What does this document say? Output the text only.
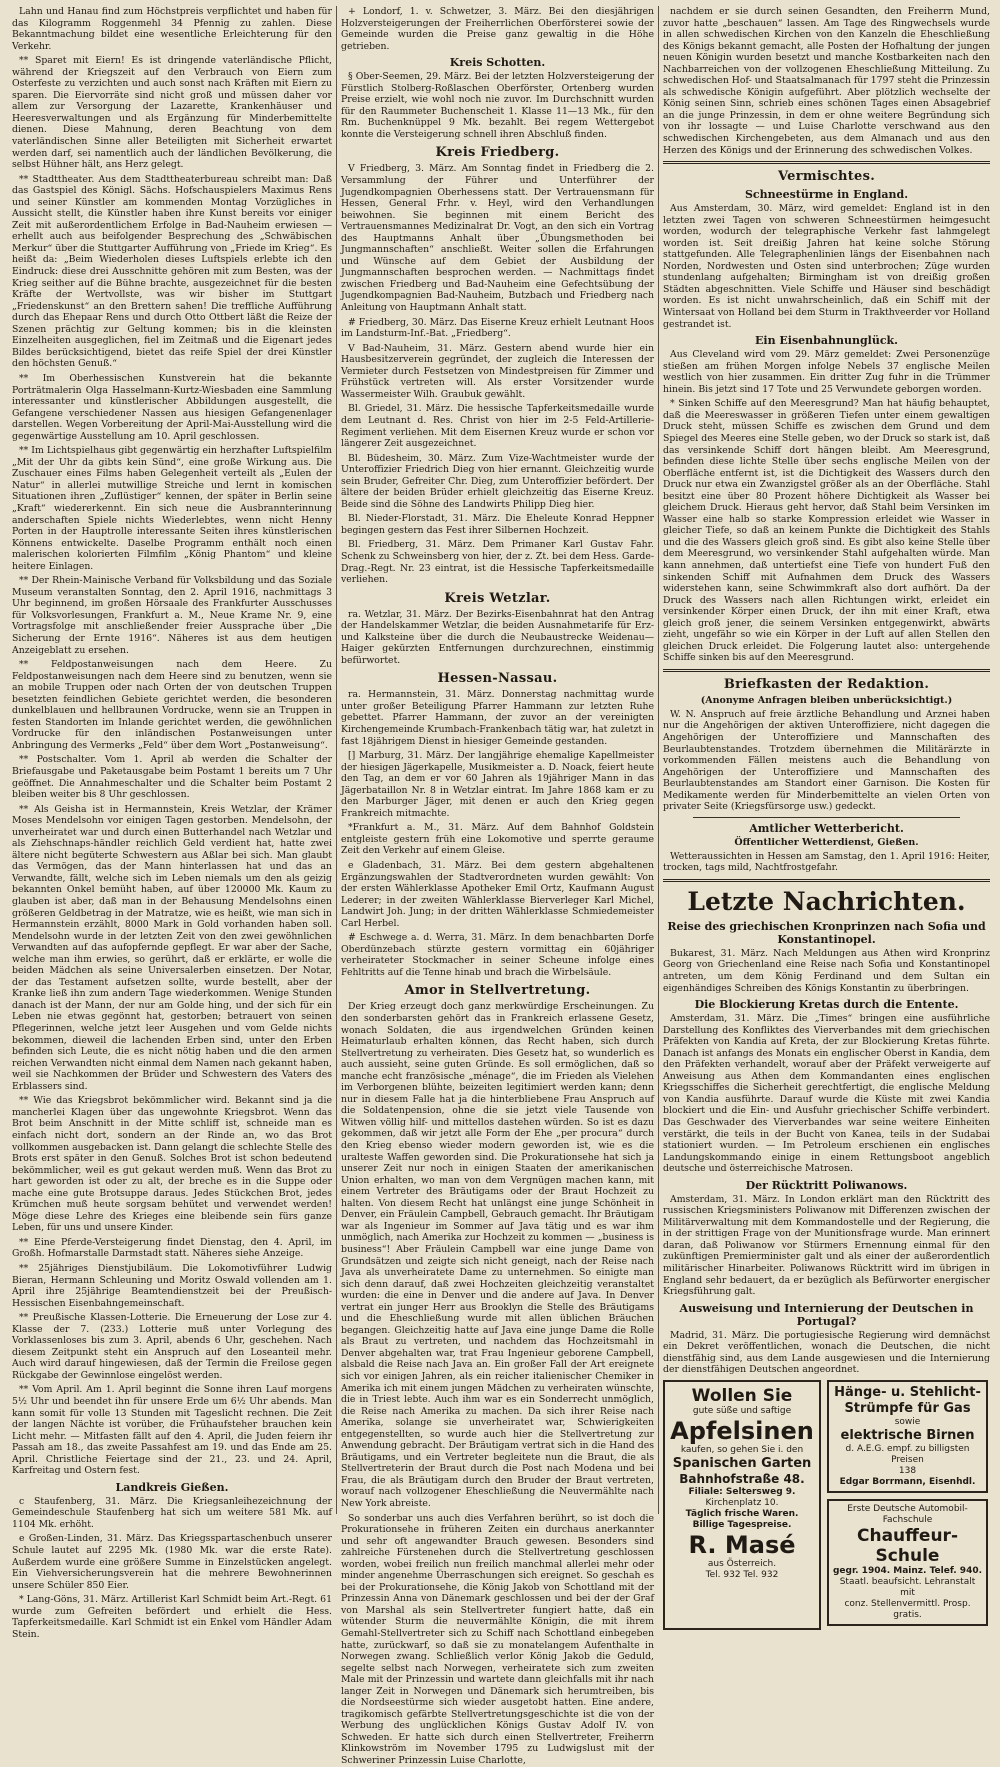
Lahn und Hanau find zum Höchstpreis verpflichtet und haben für das Kilogramm Roggenmehl 34 Pfennig zu zahlen. Diese Bekanntmachung bildet eine wesentliche Erleichterung für den Verkehr.

** Sparet mit Eiern! Es ist dringende vaterländische Pflicht, während der Kriegszeit auf den Verbrauch von Eiern zum Osterfeste zu verzichten und auch sonst nach Kräften mit Eiern zu sparen. Die Eiervorräte sind nicht groß und müssen daher vor allem zur Versorgung der Lazarette, Krankenhäuser und Heeresverwaltungen und als Ergänzung für Minderbemittelte dienen. Diese Mahnung, deren Beachtung von dem vaterländischen Sinne aller Beteiligten mit Sicherheit erwartet werden darf, sei namentlich auch der ländlichen Bevölkerung, die selbst Hühner hält, ans Herz gelegt.

** Stadttheater. Aus dem Stadttheaterbureau schreibt man: Daß das Gastspiel des Königl. Sächs. Hofschauspielers Maximus Rens und seiner Künstler am kommenden Montag Vorzügliches in Aussicht stellt, die Künstler haben ihre Kunst bereits vor einiger Zeit mit außerordentlichem Erfolge in Bad-Nauheim erwiesen — erhellt auch aus beifolgender Besprechung des „Schwäbischen Merkur“ über die Stuttgarter Aufführung von „Friede im Krieg“. Es heißt da: „Beim Wiederholen dieses Luftspiels erlebte ich den Eindruck: diese drei Ausschnitte gehören mit zum Besten, was der Krieg seither auf die Bühne brachte, ausgezeichnet für die besten Kräfte der Wertvollste, was wir bisher im Stuttgart „Friedenskunst“ an den Brettern sahen! Die treffliche Aufführung durch das Ehepaar Rens und durch Otto Ottbert läßt die Reize der Szenen prächtig zur Geltung kommen; bis in die kleinsten Einzelheiten ausgeglichen, fiel im Zeitmaß und die Eigenart jedes Bildes berücksichtigend, bietet das reife Spiel der drei Künstler den höchsten Genuß.“

** Im Oberhessischen Kunstverein hat die bekannte Porträtmalerin Olga Hasselmann-Kurtz-Wiesbaden eine Sammlung interessanter und künstlerischer Abbildungen ausgestellt, die Gefangene verschiedener Nassen aus hiesigen Gefangenenlager darstellen. Wegen Vorbereitung der April-Mai-Ausstellung wird die gegenwärtige Ausstellung am 10. April geschlossen.

** Im Lichtspielhaus gibt gegenwärtig ein herzhafter Luftspielfilm „Mit der Uhr da gibts kein Sünd“, eine große Wirkung aus. Die Zuschauer eines Films haben Gelegenheit verteilt als „Eulen der Natur“ in allerlei mutwillige Streiche und lernt in komischen Situationen ihren „Zuflüstiger“ kennen, der später in Berlin seine „Kraft“ wiedererkennt. Ein sich neue die Ausbrannterinnung anderschaften Spiele nichts Wiederlebtes, wenn nicht Henny Porten in der Hauptrolle interessante Seiten ihres künstlerischen Könnens entwickelte. Daselbe Programm enthält noch einen malerischen kolorierten Filmfilm „König Phantom“ und kleine heitere Einlagen.

** Der Rhein-Mainische Verband für Volksbildung und das Soziale Museum veranstalten Sonntag, den 2. April 1916, nachmittags 3 Uhr beginnend, im großen Hörsaale des Frankfurter Ausschusses für Volksvorlesungen, Frankfurt a. M., Neue Krame Nr. 9, eine Vortragsfolge mit anschließender freier Aussprache über „Die Sicherung der Ernte 1916“. Näheres ist aus dem heutigen Anzeigeblatt zu ersehen.

** Feldpostanweisungen nach dem Heere. Zu Feldpostanweisungen nach dem Heere sind zu benutzen, wenn sie an mobile Truppen oder nach Orten der von deutschen Truppen besetzten feindlichen Gebiete gerichtet werden, die besonderen dunkelblauen und hellbraunen Vordrucke, wenn sie an Truppen in festen Standorten im Inlande gerichtet werden, die gewöhnlichen Vordrucke für den inländischen Postanweisungen unter Anbringung des Vermerks „Feld“ über dem Wort „Postanweisung“.

** Postschalter. Vom 1. April ab werden die Schalter der Briefausgabe und Paketausgabe beim Postamt 1 bereits um 7 Uhr geöffnet. Die Annahmeschalter und die Schalter beim Postamt 2 bleiben weiter bis 8 Uhr geschlossen.

** Als Geisha ist in Hermannstein, Kreis Wetzlar, der Krämer Moses Mendelsohn vor einigen Tagen gestorben. Mendelsohn, der unverheiratet war und durch einen Butterhandel nach Wetzlar und als Ziehschnaps-händler reichlich Geld verdient hat, hatte zwei ältere nicht begüterte Schwestern aus Aßlar bei sich. Man glaubt das Vermögen, das der Mann hinterlassen hat und das an Verwandte, fällt, welche sich im Leben niemals um den als geizig bekannten Onkel bemüht haben, auf über 120000 Mk. Kaum zu glauben ist aber, daß man in der Behausung Mendelsohns einen größeren Geldbetrag in der Matratze, wie es heißt, wie man sich in Hermannstein erzählt, 8000 Mark in Gold vorhanden haben soll. Mendelsohn wurde in der letzten Zeit von den zwei gewöhnlichen Verwandten auf das aufopfernde gepflegt. Er war aber der Sache, welche man ihm erwies, so gerührt, daß er erklärte, er wolle die beiden Mädchen als seine Universalerben einsetzen. Der Notar, der das Testament aufsetzen sollte, wurde bestellt, aber der Kranke ließ ihn zum andern Tage wiederkommen. Wenige Stunden danach ist der Mann, der nur am Golde hing, und der sich für ein Leben nie etwas gegönnt hat, gestorben; betrauert von seinen Pflegerinnen, welche jetzt leer Ausgehen und vom Gelde nichts bekommen, dieweil die lachenden Erben sind, unter den Erben befinden sich Leute, die es nicht nötig haben und die den armen reichen Verwandten nicht einmal dem Namen nach gekannt haben, weil sie Nachkommen der Brüder und Schwestern des Vaters des Erblassers sind.

** Wie das Kriegsbrot bekömmlicher wird. Bekannt sind ja die mancherlei Klagen über das ungewohnte Kriegsbrot. Wenn das Brot beim Anschnitt in der Mitte schliff ist, schneide man es einfach nicht dort, sondern an der Rinde an, wo das Brot vollkommen ausgebacken ist. Dann gelangt die schlechte Stelle des Brots erst später in den Genuß. Solches Brot ist schon bedeutend bekömmlicher, weil es gut gekaut werden muß. Wenn das Brot zu hart geworden ist oder zu alt, der breche es in die Suppe oder mache eine gute Brotsuppe daraus. Jedes Stückchen Brot, jedes Krümchen muß heute sorgsam behütet und verwendet werden! Möge diese Lehre des Krieges eine bleibende sein fürs ganze Leben, für uns und unsere Kinder.

** Eine Pferde-Versteigerung findet Dienstag, den 4. April, im Großh. Hofmarstalle Darmstadt statt. Näheres siehe Anzeige.

** 25jähriges Dienstjubiläum. Die Lokomotivführer Ludwig Bieran, Hermann Schleuning und Moritz Oswald vollenden am 1. April ihre 25jährige Beamtendienstzeit bei der Preußisch-Hessischen Eisenbahngemeinschaft.

** Preußische Klassen-Lotterie. Die Erneuerung der Lose zur 4. Klasse der 7. (233.) Lotterie muß unter Vorlegung des Vorklassenloses bis zum 3. April, abends 6 Uhr, geschehen. Nach diesem Zeitpunkt steht ein Anspruch auf den Loseanteil mehr. Auch wird darauf hingewiesen, daß der Termin die Freilose gegen Rückgabe der Gewinnlose eingelöst werden.

** Vom April. Am 1. April beginnt die Sonne ihren Lauf morgens 5½ Uhr und beendet ihn für unsere Erde um 6½ Uhr abends. Man kann somit für volle 13 Stunden mit Tageslicht rechnen. Die Zeit der langen Nächte ist vorüber, die Frühaufsteher brauchen kein Licht mehr. — Mitfasten fällt auf den 4. April, die Juden feiern ihr Passah am 18., das zweite Passahfest am 19. und das Ende am 25. April. Christliche Feiertage sind der 21., 23. und 24. April, Karfreitag und Ostern fest.

Landkreis Gießen.

c Staufenberg, 31. März. Die Kriegsanleihezeichnung der Gemeindeschule Staufenberg hat sich um weitere 581 Mk. auf 1104 Mk. erhöht.

e Großen-Linden, 31. März. Das Kriegsspartaschenbuch unserer Schule lautet auf 2295 Mk. (1980 Mk. war die erste Rate). Außerdem wurde eine größere Summe in Einzelstücken angelegt. Ein Viehversicherungsverein hat die mehrere Bewohnerinnen unsere Schüler 850 Eier.

* Lang-Göns, 31. März. Artillerist Karl Schmidt beim Art.-Regt. 61 wurde zum Gefreiten befördert und erhielt die Hess. Tapferkeitsmedaille. Karl Schmidt ist ein Enkel vom Händler Adam Stein.

+ Londorf, 1. v. Schwetzer, 3. März. Bei den diesjährigen Holzversteigerungen der Freiherrlichen Oberförsterei sowie der Gemeinde wurden die Preise ganz gewaltig in die Höhe getrieben.

Kreis Schotten.

§ Ober-Seemen, 29. März. Bei der letzten Holzversteigerung der Fürstlich Stolberg-Roßlaschen Oberförster, Ortenberg wurden Preise erzielt, wie wohl noch nie zuvor. Im Durchschnitt wurden für den Raummeter Buchenscheit 1. Klasse 11—13 Mk., für den Rm. Buchenknüppel 9 Mk. bezahlt. Bei regem Wettergebot konnte die Versteigerung schnell ihren Abschluß finden.

Kreis Friedberg.

V Friedberg, 3. März. Am Sonntag findet in Friedberg die 2. Versammlung der Führer und Unterführer der Jugendkompagnien Oberhessens statt. Der Vertrauensmann für Hessen, General Frhr. v. Heyl, wird den Verhandlungen beiwohnen. Sie beginnen mit einem Bericht des Vertrauensmannes Medizinalrat Dr. Vogt, an den sich ein Vortrag des Hauptmanns Anhalt über „Übungsmethoden bei Jungmannschaften“ anschließt. Weiter sollen die Erfahrungen und Wünsche auf dem Gebiet der Ausbildung der Jungmannschaften besprochen werden. — Nachmittags findet zwischen Friedberg und Bad-Nauheim eine Gefechtsübung der Jugendkompagnien Bad-Nauheim, Butzbach und Friedberg nach Anleitung von Hauptmann Anhalt statt.

# Friedberg, 30. März. Das Eiserne Kreuz erhielt Leutnant Hoos im Landsturm-Inf.-Bat. „Friedberg“.

V Bad-Nauheim, 31. März. Gestern abend wurde hier ein Hausbesitzerverein gegründet, der zugleich die Interessen der Vermieter durch Festsetzen von Mindestpreisen für Zimmer und Frühstück vertreten will. Als erster Vorsitzender wurde Wassermeister Wilh. Graubuk gewählt.

Bl. Griedel, 31. März. Die hessische Tapferkeitsmedaille wurde dem Leutnant d. Res. Christ von hier im 2-5 Feld-Artillerie-Regiment verliehen. Mit dem Eisernen Kreuz wurde er schon vor längerer Zeit ausgezeichnet.

Bl. Büdesheim, 30. März. Zum Vize-Wachtmeister wurde der Unteroffizier Friedrich Dieg von hier ernannt. Gleichzeitig wurde sein Bruder, Gefreiter Chr. Dieg, zum Unteroffizier befördert. Der ältere der beiden Brüder erhielt gleichzeitig das Eiserne Kreuz. Beide sind die Söhne des Landwirts Philipp Dieg hier.

Bl. Nieder-Florstadt, 31. März. Die Eheleute Konrad Heppner begingen gestern das Fest ihrer Silbernen Hochzeit.

Bl. Friedberg, 31. März. Dem Primaner Karl Gustav Fahr. Schenk zu Schweinsberg von hier, der z. Zt. bei dem Hess. Garde-Drag.-Regt. Nr. 23 eintrat, ist die Hessische Tapferkeitsmedaille verliehen.

Kreis Wetzlar.

ra. Wetzlar, 31. März. Der Bezirks-Eisenbahnrat hat den Antrag der Handelskammer Wetzlar, die beiden Ausnahmetarife für Erz- und Kalksteine über die durch die Neubaustrecke Weidenau—Haiger gekürzten Entfernungen durchzurechnen, einstimmig befürwortet.

Hessen-Nassau.

ra. Hermannstein, 31. März. Donnerstag nachmittag wurde unter großer Beteiligung Pfarrer Hammann zur letzten Ruhe gebettet. Pfarrer Hammann, der zuvor an der vereinigten Kirchengemeinde Krumbach-Frankenbach tätig war, hat zuletzt in fast 18jährigem Dienst in hiesiger Gemeinde gestanden.

[] Marburg, 31. März. Der langjährige ehemalige Kapellmeister der hiesigen Jägerkapelle, Musikmeister a. D. Noack, feiert heute den Tag, an dem er vor 60 Jahren als 19jähriger Mann in das Jägerbataillon Nr. 8 in Wetzlar eintrat. Im Jahre 1868 kam er zu den Marburger Jäger, mit denen er auch den Krieg gegen Frankreich mitmachte.

*Frankfurt a. M., 31. März. Auf dem Bahnhof Goldstein entgleiste gestern früh eine Lokomotive und sperrte geraume Zeit den Verkehr auf einem Gleise.

e Gladenbach, 31. März. Bei dem gestern abgehaltenen Ergänzungswahlen der Stadtverordneten wurden gewählt: Von der ersten Wählerklasse Apotheker Emil Ortz, Kaufmann August Lederer; in der zweiten Wählerklasse Bierverleger Karl Michel, Landwirt Joh. Jung; in der dritten Wählerklasse Schmiedemeister Carl Herbel.

# Eschwege a. d. Werra, 31. März. In dem benachbarten Dorfe Oberdünzebach stürzte gestern vormittag ein 60jähriger verheirateter Stockmacher in seiner Scheune infolge eines Fehltritts auf die Tenne hinab und brach die Wirbelsäule.

Amor in Stellvertretung.

Der Krieg erzeugt doch ganz merkwürdige Erscheinungen. Zu den sonderbarsten gehört das in Frankreich erlassene Gesetz, wonach Soldaten, die aus irgendwelchen Gründen keinen Heimaturlaub erhalten können, das Recht haben, sich durch Stellvertretung zu verheiraten. Dies Gesetz hat, so wunderlich es auch aussieht, seine guten Gründe. Es soll ermöglichen, daß so manche echt französische „ménage“, die im Frieden als Vielehen im Verborgenen blühte, beizeiten legitimiert werden kann; denn nur in diesem Falle hat ja die hinterbliebene Frau Anspruch auf die Soldatenpension, ohne die sie jetzt viele Tausende von Witwen völlig hilf- und mittellos dastehen würden. So ist es dazu gekommen, daß wir jetzt alle Form der Ehe „per procura“ durch den Krieg ebenso wieder modern geworden ist, wie es die uralteste Waffen geworden sind. Die Prokurationsehe hat sich ja unserer Zeit nur noch in einigen Staaten der amerikanischen Union erhalten, wo man von dem Vergnügen machen kann, mit einem Vertreter des Bräutigams oder der Braut Hochzeit zu halten. Von diesem Recht hat unlängst eine junge Schönheit in Denver, ein Fräulein Campbell, Gebrauch gemacht. Ihr Bräutigam war als Ingenieur im Sommer auf Java tätig und es war ihm unmöglich, nach Amerika zur Hochzeit zu kommen — „business is business“! Aber Fräulein Campbell war eine junge Dame von Grundsätzen und zeigte sich nicht geneigt, nach der Reise nach Java als unverheiratete Dame zu unternehmen. So einigte man sich denn darauf, daß zwei Hochzeiten gleichzeitig veranstaltet wurden: die eine in Denver und die andere auf Java. In Denver vertrat ein junger Herr aus Brooklyn die Stelle des Bräutigams und die Eheschließung wurde mit allen üblichen Bräuchen begangen. Gleichzeitig hatte auf Java eine junge Dame die Rolle als Braut zu vertreten, und nachdem das Hochzeitsmahl in Denver abgehalten war, trat Frau Ingenieur geborene Campbell, alsbald die Reise nach Java an. Ein großer Fall der Art ereignete sich vor einigen Jahren, als ein reicher italienischer Chemiker in Amerika ich mit einem jungen Mädchen zu verheiraten wünschte, die in Triest lebte. Auch ihm war es ein Sonderrecht unmöglich, die Reise nach Amerika zu machen. Da sich ihrer Reise nach Amerika, solange sie unverheiratet war, Schwierigkeiten entgegenstellten, so wurde auch hier die Stellvertretung zur Anwendung gebracht. Der Bräutigam vertrat sich in die Hand des Bräutigams, und ein Vertreter begleitete nun die Braut, die als Stellvertreterin der Braut durch die Post nach Modena und bei Frau, die als Bräutigam durch den Bruder der Braut vertreten, worauf nach vollzogener Eheschließung die Neuvermählte nach New York abreiste.

So sonderbar uns auch dies Verfahren berührt, so ist doch die Prokurationsehe in früheren Zeiten ein durchaus anerkannter und sehr oft angewandter Brauch gewesen. Besonders sind zahlreiche Fürstenehen durch die Stellvertretung geschlossen worden, wobei freilich nun freilich manchmal allerlei mehr oder minder angenehme Überraschungen sich ereignet. So geschah es bei der Prokurationsehe, die König Jakob von Schottland mit der Prinzessin Anna von Dänemark geschlossen und bei der der Graf von Marshal als sein Stellvertreter fungiert hatte, daß ein wütender Sturm die neuvermählte Königin, die mit ihrem Gemahl-Stellvertreter sich zu Schiff nach Schottland einbegeben hatte, zurückwarf, so daß sie zu monatelangem Aufenthalte in Norwegen zwang. Schließlich verlor König Jakob die Geduld, segelte selbst nach Norwegen, verheiratete sich zum zweiten Male mit der Prinzessin und wartete dann gleichfalls mit ihr nach langer Zeit in Norwegen und Dänemark sich herumtreiben, bis die Nordseestürme sich wieder ausgetobt hatten. Eine andere, tragikomisch gefärbte Stellvertretungsgeschichte ist die von der Werbung des unglücklichen Königs Gustav Adolf IV. von Schweden. Er hatte sich durch einen Stellvertreter, Freiherrn Klinkowström im November 1795 zu Ludwigslust mit der Schweriner Prinzessin Luise Charlotte,

nachdem er sie durch seinen Gesandten, den Freiherrn Mund, zuvor hatte „beschauen“ lassen. Am Tage des Ringwechsels wurde in allen schwedischen Kirchen von den Kanzeln die Eheschließung des Königs bekannt gemacht, alle Posten der Hofhaltung der jungen neuen Königin wurden besetzt und manche Kostbarkeiten nach den Nachbarreichen von der vollzogenen Eheschließung Mitteilung. Zu schwedischen Hof- und Staatsalmanach für 1797 steht die Prinzessin als schwedische Königin aufgeführt. Aber plötzlich wechselte der König seinen Sinn, schrieb eines schönen Tages einen Absagebrief an die junge Prinzessin, in dem er ohne weitere Begründung sich von ihr lossagte — und Luise Charlotte verschwand aus den schwedischen Kirchengebeten, aus dem Almanach und aus den Herzen des Königs und der Erinnerung des schwedischen Volkes.

Vermischtes.
Schneestürme in England.

Aus Amsterdam, 30. März, wird gemeldet: England ist in den letzten zwei Tagen von schweren Schneestürmen heimgesucht worden, wodurch der telegraphische Verkehr fast lahmgelegt worden ist. Seit dreißig Jahren hat keine solche Störung stattgefunden. Alle Telegraphenlinien längs der Eisenbahnen nach Norden, Nordwesten und Osten sind unterbrochen; Züge wurden stundenlang aufgehalten; Birmingham ist von dreißig großen Städten abgeschnitten. Viele Schiffe und Häuser sind beschädigt worden. Es ist nicht unwahrscheinlich, daß ein Schiff mit der Wintersaat von Holland bei dem Sturm in Trakthveerder vor Holland gestrandet ist.

Ein Eisenbahnunglück.

Aus Cleveland wird vom 29. März gemeldet: Zwei Personenzüge stießen am frühen Morgen infolge Nebels 37 englische Meilen westlich von hier zusammen. Ein dritter Zug fuhr in die Trümmer hinein. Bis jetzt sind 17 Tote und 25 Verwundete geborgen worden.

* Sinken Schiffe auf den Meeresgrund? Man hat häufig behauptet, daß die Meereswasser in größeren Tiefen unter einem gewaltigen Druck steht, müssen Schiffe es zwischen dem Grund und dem Spiegel des Meeres eine Stelle geben, wo der Druck so stark ist, daß das versinkende Schiff dort hängen bleibt. Am Meeresgrund, befinden diese lichte Stelle über sechs englische Meilen von der Oberfläche entfernt ist, ist die Dichtigkeit des Wassers durch den Druck nur etwa ein Zwanzigstel größer als an der Oberfläche. Stahl besitzt eine über 80 Prozent höhere Dichtigkeit als Wasser bei gleichem Druck. Hieraus geht hervor, daß Stahl beim Versinken im Wasser eine halb so starke Kompression erleidet wie Wasser in gleicher Tiefe, so daß an keinem Punkte die Dichtigkeit des Stahls und die des Wassers gleich groß sind. Es gibt also keine Stelle über dem Meeresgrund, wo versinkender Stahl aufgehalten würde. Man kann annehmen, daß untertiefst eine Tiefe von hundert Fuß den sinkenden Schiff mit Aufnahmen dem Druck des Wassers widerstehen kann, seine Schwimmkraft also dort aufhört. Da der Druck des Wassers nach allen Richtungen wirkt, erleidet ein versinkender Körper einen Druck, der ihn mit einer Kraft, etwa gleich groß jener, die seinem Versinken entgegenwirkt, abwärts zieht, ungefähr so wie ein Körper in der Luft auf allen Stellen den gleichen Druck erleidet. Die Folgerung lautet also: untergehende Schiffe sinken bis auf den Meeresgrund.

Briefkasten der Redaktion.
(Anonyme Anfragen bleiben unberücksichtigt.)

W. N. Anspruch auf freie ärztliche Behandlung und Arznei haben nur die Angehörigen der aktiven Unteroffiziere, nicht dagegen die Angehörigen der Unteroffiziere und Mannschaften des Beurlaubtenstandes. Trotzdem übernehmen die Militärärzte in vorkommenden Fällen meistens auch die Behandlung von Angehörigen der Unteroffiziere und Mannschaften des Beurlaubtenstandes am Standort einer Garnison. Die Kosten für Medikamente werden für Minderbemittelte an vielen Orten von privater Seite (Kriegsfürsorge usw.) gedeckt.

Amtlicher Wetterbericht.
Öffentlicher Wetterdienst, Gießen.

Wetteraussichten in Hessen am Samstag, den 1. April 1916: Heiter, trocken, tags mild, Nachtfrostgefahr.

Letzte Nachrichten.
Reise des griechischen Kronprinzen nach Sofia und Konstantinopel.

Bukarest, 31. März. Nach Meldungen aus Athen wird Kronprinz Georg von Griechenland eine Reise nach Sofia und Konstantinopel antreten, um dem König Ferdinand und dem Sultan ein eigenhändiges Schreiben des Königs Konstantin zu überbringen.

Die Blockierung Kretas durch die Entente.

Amsterdam, 31. März. Die „Times“ bringen eine ausführliche Darstellung des Konfliktes des Vierverbandes mit dem griechischen Präfekten von Kandia auf Kreta, der zur Blockierung Kretas führte. Danach ist anfangs des Monats ein englischer Oberst in Kandia, dem den Präfekten verhandelt, worauf aber der Präfekt verweigerte auf Anweisung aus Athen dem Kommandanten eines englischen Kriegsschiffes die Sicherheit gerechtfertigt, die englische Meldung von Kandia ausführte. Darauf wurde die Küste mit zwei Kandia blockiert und die Ein- und Ausfuhr griechischer Schiffe verbindert. Das Geschwader des Vierverbandes war seine weitere Einheiten verstärkt, die teils in der Bucht von Kanea, teils in der Sudabai stationiert wurden. — Im Petroleum erschienen ein englisches Landungskommando einige in einem Rettungsboot angeblich deutsche und österreichische Matrosen.

Der Rücktritt Poliwanows.

Amsterdam, 31. März. In London erklärt man den Rücktritt des russischen Kriegsministers Poliwanow mit Differenzen zwischen der Militärverwaltung mit dem Kommandostelle und der Regierung, die in der strittigen Frage von der Munitionsfrage wurde. Man erinnert daran, daß Poliwanow vor Stürmers Ernennung einmal für den zukünftigen Premierminister galt und als einer der außerordentlich militärischer Hinarbeiter. Poliwanows Rücktritt wird im übrigen in England sehr bedauert, da er bezüglich als Befürworter energischer Kriegsführung galt.

Ausweisung und Internierung der Deutschen in Portugal?

Madrid, 31. März. Die portugiesische Regierung wird demnächst ein Dekret veröffentlichen, wonach die Deutschen, die nicht dienstfähig sind, aus dem Lande ausgewiesen und die Internierung der dienstfähigen Deutschen angeordnet.

Wollen Sie
gute süße und saftige
Apfelsinen
kaufen, so gehen Sie i. den
Spanischen Garten
Bahnhofstraße 48.
Filiale: Seltersweg 9.
Kirchenplatz 10.
Täglich frische Waren.
Billige Tagespreise.
R. Masé
aus Österreich.
Tel. 932 Tel. 932
Hänge- u. Stehlicht-
Strümpfe für Gas
sowie
elektrische Birnen
d. A.E.G. empf. zu billigsten Preisen
138
Edgar Borrmann, Eisenhdl.
Erste Deutsche Automobil-Fachschule
Chauffeur-Schule
gegr. 1904. Mainz. Telef. 940.
Staatl. beaufsicht. Lehranstalt mit
conz. Stellenvermittl. Prosp. gratis.
